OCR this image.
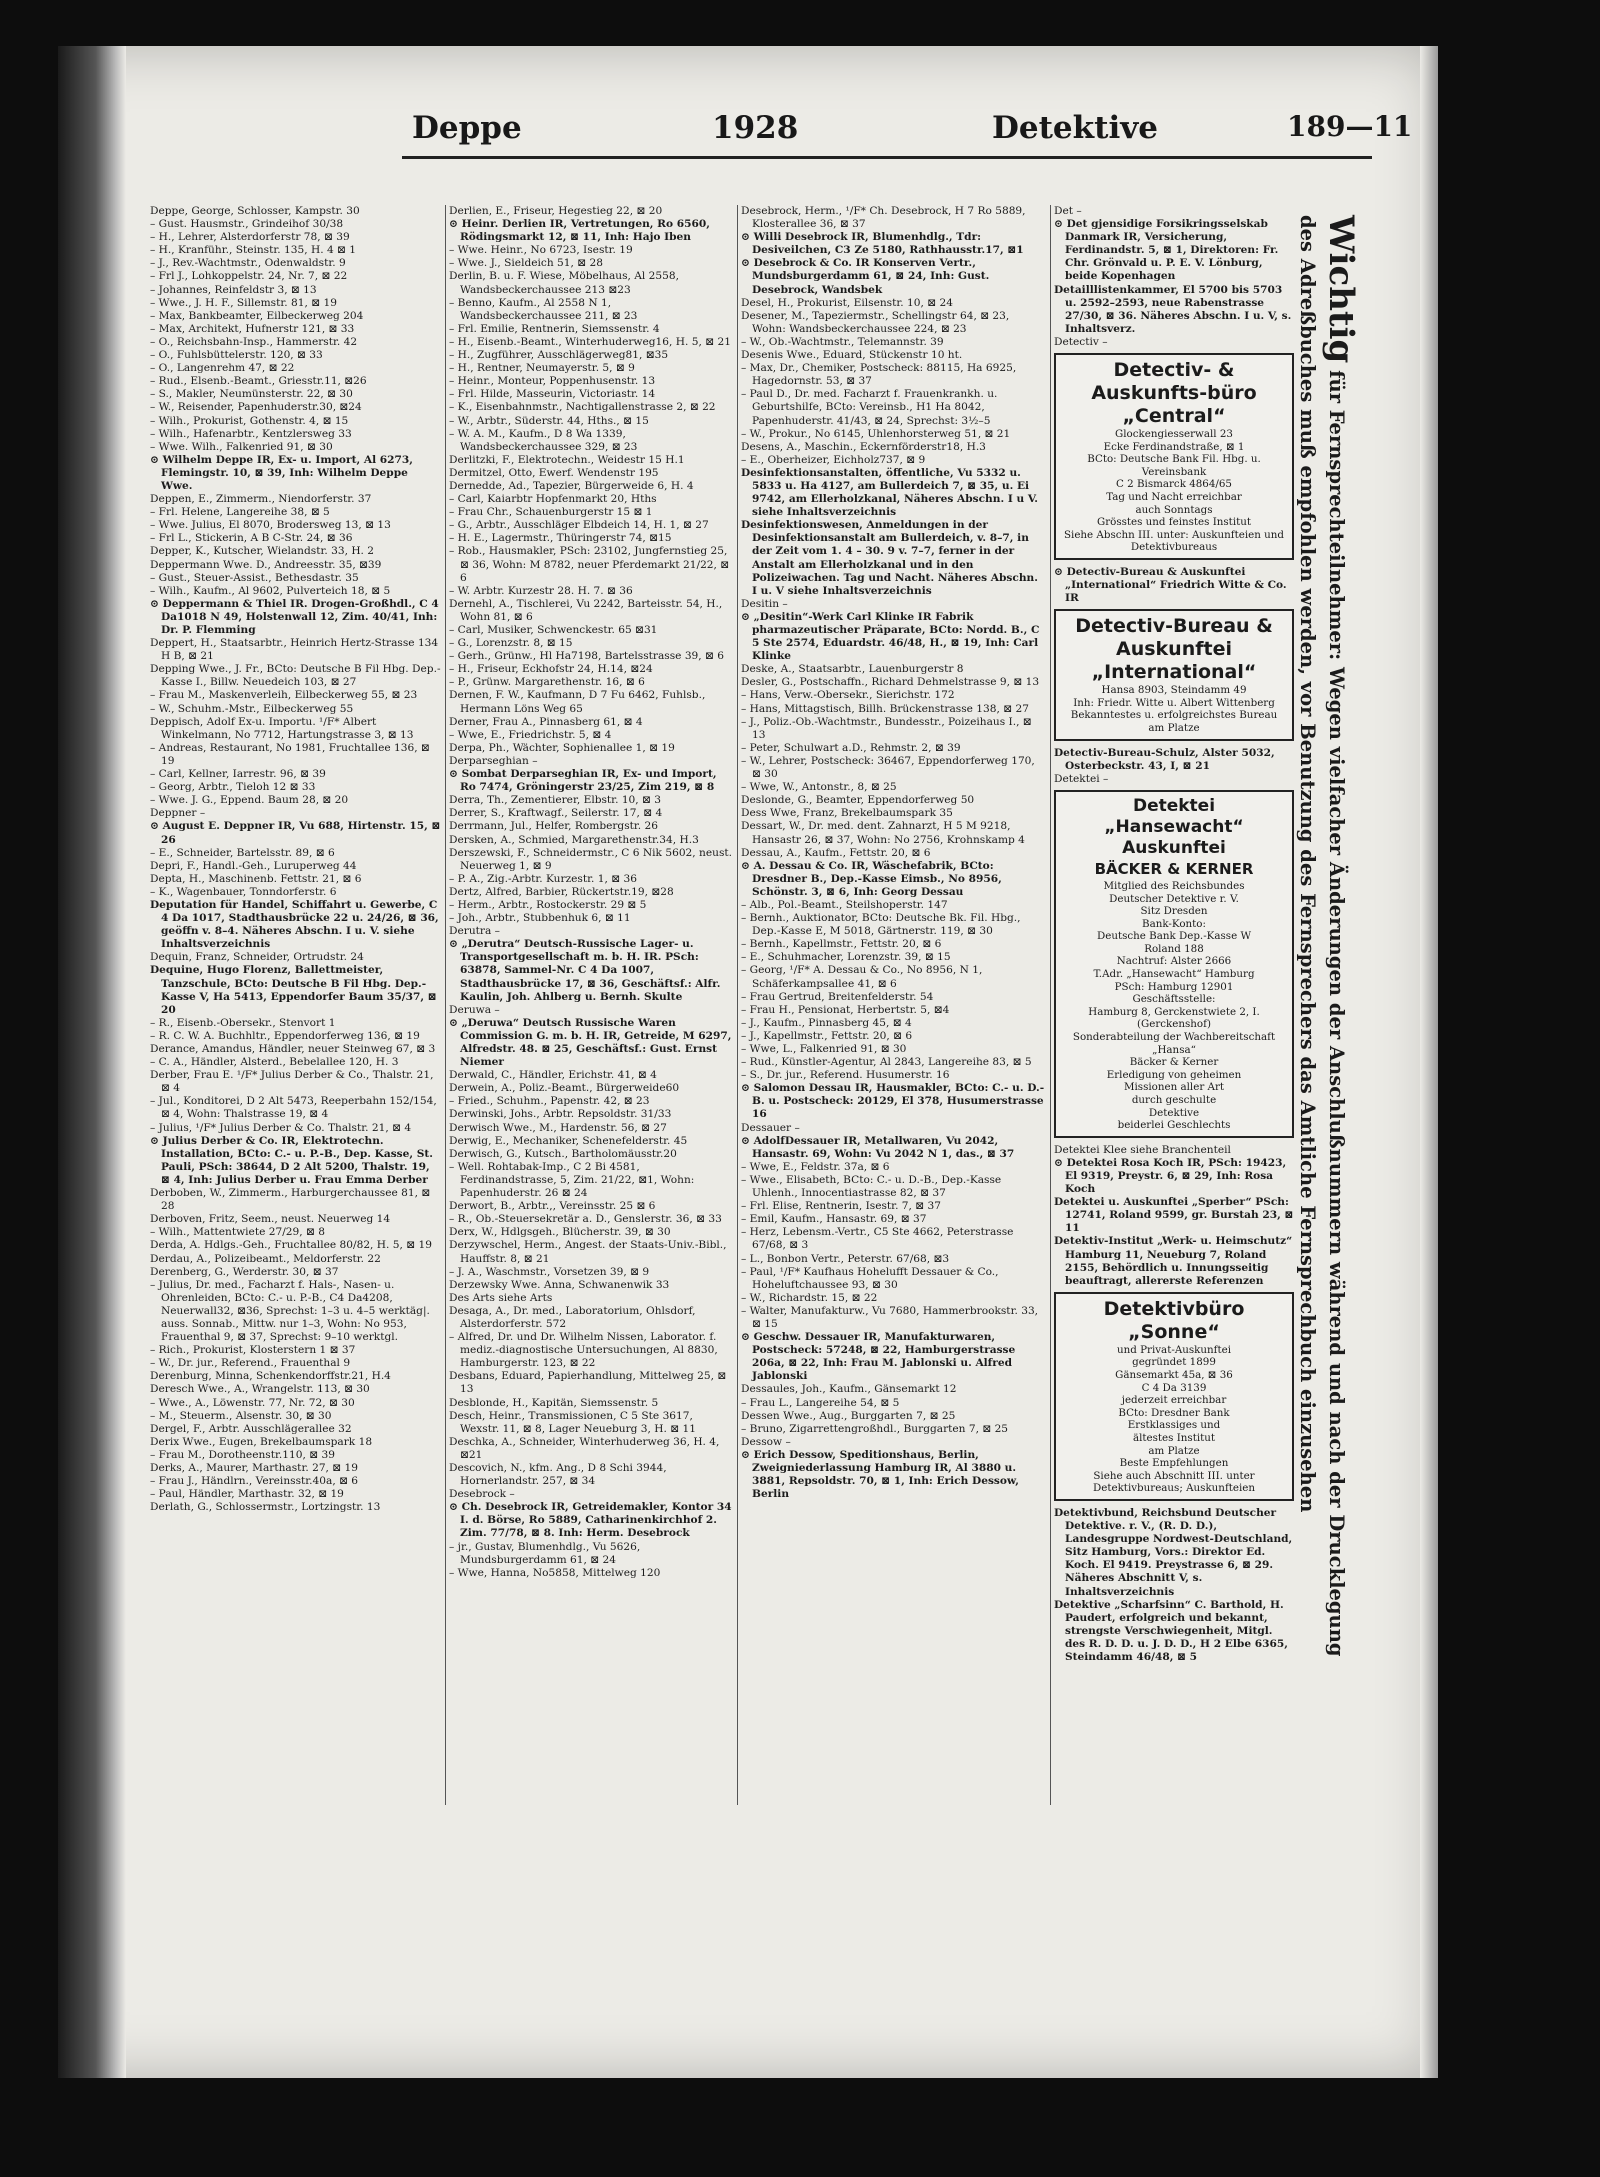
Deppe	1928	Detektive	189—11

Deppe, George, Schlosser, Kampstr. 30

– Gust. Hausmstr., Grindeihof 30/38

– H., Lehrer, Alsterdorferstr 78, ⊠ 39

– H., Kranführ., Steinstr. 135, H. 4 ⊠ 1

– J., Rev.-Wachtmstr., Odenwaldstr. 9

– Frl J., Lohkoppelstr. 24, Nr. 7, ⊠ 22

– Johannes, Reinfeldstr 3, ⊠ 13

– Wwe., J. H. F., Sillemstr. 81, ⊠ 19

– Max, Bankbeamter, Eilbeckerweg 204

– Max, Architekt, Hufnerstr 121, ⊠ 33

– O., Reichsbahn-Insp., Hammerstr. 42

– O., Fuhlsbüttelerstr. 120, ⊠ 33

– O., Langenrehm 47, ⊠ 22

– Rud., Elsenb.-Beamt., Griesstr.11, ⊠26

– S., Makler, Neumünsterstr. 22, ⊠ 30

– W., Reisender, Papenhuderstr.30, ⊠24

– Wilh., Prokurist, Gothenstr. 4, ⊠ 15

– Wilh., Hafenarbtr., Kentzlersweg 33

– Wwe. Wilh., Falkenried 91, ⊠ 30

⊙ Wilhelm Deppe IR, Ex- u. Import, Al 6273, Flemingstr. 10, ⊠ 39, Inh: Wilhelm Deppe Wwe.

Deppen, E., Zimmerm., Niendorferstr. 37

– Frl. Helene, Langereihe 38, ⊠ 5

– Wwe. Julius, El 8070, Brodersweg 13, ⊠ 13

– Frl L., Stickerin, A B C-Str. 24, ⊠ 36

Depper, K., Kutscher, Wielandstr. 33, H. 2

Deppermann Wwe. D., Andreesstr. 35, ⊠39

– Gust., Steuer-Assist., Bethesdastr. 35

– Wilh., Kaufm., Al 9602, Pulverteich 18, ⊠ 5

⊙ Deppermann & Thiel IR. Drogen-Großhdl., C 4 Da1018 N 49, Holstenwall 12, Zim. 40/41, Inh: Dr. P. Flemming

Deppert, H., Staatsarbtr., Heinrich Hertz-Strasse 134 H B, ⊠ 21

Depping Wwe., J. Fr., BCto: Deutsche B Fil Hbg. Dep.-Kasse I., Billw. Neuedeich 103, ⊠ 27

– Frau M., Maskenverleih, Eilbeckerweg 55, ⊠ 23

– W., Schuhm.-Mstr., Eilbeckerweg 55

Deppisch, Adolf Ex-u. Importu. ¹/F* Albert Winkelmann, No 7712, Hartungstrasse 3, ⊠ 13

– Andreas, Restaurant, No 1981, Fruchtallee 136, ⊠ 19

– Carl, Kellner, Iarrestr. 96, ⊠ 39

– Georg, Arbtr., Tieloh 12 ⊠ 33

– Wwe. J. G., Eppend. Baum 28, ⊠ 20

Deppner –

⊙ August E. Deppner IR, Vu 688, Hirtenstr. 15, ⊠ 26

– E., Schneider, Bartelsstr. 89, ⊠ 6

Depri, F., Handl.-Geh., Luruperweg 44

Depta, H., Maschinenb. Fettstr. 21, ⊠ 6

– K., Wagenbauer, Tonndorferstr. 6

Deputation für Handel, Schiffahrt u. Gewerbe, C 4 Da 1017, Stadthausbrücke 22 u. 24/26, ⊠ 36, geöffn v. 8–4. Näheres Abschn. I u. V. siehe Inhaltsverzeichnis

Dequin, Franz, Schneider, Ortrudstr. 24

Dequine, Hugo Florenz, Ballettmeister, Tanzschule, BCto: Deutsche B Fil Hbg. Dep.-Kasse V, Ha 5413, Eppendorfer Baum 35/37, ⊠ 20

– R., Eisenb.-Obersekr., Stenvort 1

– R. C. W. A. Buchhltr., Eppendorferweg 136, ⊠ 19

Derance, Amandus, Händler, neuer Steinweg 67, ⊠ 3

– C. A., Händler, Alsterd., Bebelallee 120, H. 3

Derber, Frau E. ¹/F* Julius Derber & Co., Thalstr. 21, ⊠ 4

– Jul., Konditorei, D 2 Alt 5473, Reeperbahn 152/154, ⊠ 4, Wohn: Thalstrasse 19, ⊠ 4

– Julius, ¹/F* Julius Derber & Co. Thalstr. 21, ⊠ 4

⊙ Julius Derber & Co. IR, Elektrotechn. Installation, BCto: C.- u. P.-B., Dep. Kasse, St. Pauli, PSch: 38644, D 2 Alt 5200, Thalstr. 19, ⊠ 4, Inh: Julius Derber u. Frau Emma Derber

Derboben, W., Zimmerm., Harburgerchaussee 81, ⊠ 28

Derboven, Fritz, Seem., neust. Neuerweg 14

– Wilh., Mattentwiete 27/29, ⊠ 8

Derda, A. Hdlgs.-Geh., Fruchtallee 80/82, H. 5, ⊠ 19

Derdau, A., Polizeibeamt., Meldorferstr. 22

Derenberg, G., Werderstr. 30, ⊠ 37

– Julius, Dr. med., Facharzt f. Hals-, Nasen- u. Ohrenleiden, BCto: C.- u. P.-B., C4 Da4208, Neuerwall32, ⊠36, Sprechst: 1–3 u. 4–5 werktäg|. auss. Sonnab., Mittw. nur 1–3, Wohn: No 953, Frauenthal 9, ⊠ 37, Sprechst: 9–10 werktgl.

– Rich., Prokurist, Klosterstern 1 ⊠ 37

– W., Dr. jur., Referend., Frauenthal 9

Derenburg, Minna, Schenkendorffstr.21, H.4

Deresch Wwe., A., Wrangelstr. 113, ⊠ 30

– Wwe., A., Löwenstr. 77, Nr. 72, ⊠ 30

– M., Steuerm., Alsenstr. 30, ⊠ 30

Dergel, F., Arbtr. Ausschlägerallee 32

Derix Wwe., Eugen, Brekelbaumspark 18

– Frau M., Dorotheenstr.110, ⊠ 39

Derks, A., Maurer, Marthastr. 27, ⊠ 19

– Frau J., Händlrn., Vereinsstr.40a, ⊠ 6

– Paul, Händler, Marthastr. 32, ⊠ 19

Derlath, G., Schlossermstr., Lortzingstr. 13

Derlien, E., Friseur, Hegestieg 22, ⊠ 20

⊙ Heinr. Derlien IR, Vertretungen, Ro 6560, Rödingsmarkt 12, ⊠ 11, Inh: Hajo Iben

– Wwe. Heinr., No 6723, Isestr. 19

– Wwe. J., Sieldeich 51, ⊠ 28

Derlin, B. u. F. Wiese, Möbelhaus, Al 2558, Wandsbeckerchaussee 213 ⊠23

– Benno, Kaufm., Al 2558 N 1, Wandsbeckerchaussee 211, ⊠ 23

– Frl. Emilie, Rentnerin, Siemssenstr. 4

– H., Eisenb.-Beamt., Winterhuderweg16, H. 5, ⊠ 21

– H., Zugführer, Ausschlägerweg81, ⊠35

– H., Rentner, Neumayerstr. 5, ⊠ 9

– Heinr., Monteur, Poppenhusenstr. 13

– Frl. Hilde, Masseurin, Victoriastr. 14

– K., Eisenbahnmstr., Nachtigallenstrasse 2, ⊠ 22

– W., Arbtr., Süderstr. 44, Hths., ⊠ 15

– W. A. M., Kaufm., D 8 Wa 1339, Wandsbeckerchaussee 329, ⊠ 23

Derlitzki, F., Elektrotechn., Weidestr 15 H.1

Dermitzel, Otto, Ewerf. Wendenstr 195

Dernedde, Ad., Tapezier, Bürgerweide 6, H. 4

– Carl, Kaiarbtr Hopfenmarkt 20, Hths

– Frau Chr., Schauenburgerstr 15 ⊠ 1

– G., Arbtr., Ausschläger Elbdeich 14, H. 1, ⊠ 27

– H. E., Lagermstr., Thüringerstr 74, ⊠15

– Rob., Hausmakler, PSch: 23102, Jungfernstieg 25, ⊠ 36, Wohn: M 8782, neuer Pferdemarkt 21/22, ⊠ 6

– W. Arbtr. Kurzestr 28. H. 7. ⊠ 36

Dernehl, A., Tischlerei, Vu 2242, Barteisstr. 54, H., Wohn 81, ⊠ 6

– Carl, Musiker, Schwenckestr. 65 ⊠31

– G., Lorenzstr. 8, ⊠ 15

– Gerh., Grünw., Hl Ha7198, Bartelsstrasse 39, ⊠ 6

– H., Friseur, Eckhofstr 24, H.14, ⊠24

– P., Grünw. Margarethenstr. 16, ⊠ 6

Dernen, F. W., Kaufmann, D 7 Fu 6462, Fuhlsb., Hermann Löns Weg 65

Derner, Frau A., Pinnasberg 61, ⊠ 4

– Wwe, E., Friedrichstr. 5, ⊠ 4

Derpa, Ph., Wächter, Sophienallee 1, ⊠ 19

Derparseghian –

⊙ Sombat Derparseghian IR, Ex- und Import, Ro 7474, Gröningerstr 23/25, Zim 219, ⊠ 8

Derra, Th., Zementierer, Elbstr. 10, ⊠ 3

Derrer, S., Kraftwagf., Seilerstr. 17, ⊠ 4

Derrmann, Jul., Helfer, Rombergstr. 26

Dersken, A., Schmied, Margarethenstr.34, H.3

Derszewski, F., Schneidermstr., C 6 Nik 5602, neust. Neuerweg 1, ⊠ 9

– P. A., Zig.-Arbtr. Kurzestr. 1, ⊠ 36

Dertz, Alfred, Barbier, Rückertstr.19, ⊠28

– Herm., Arbtr., Rostockerstr. 29 ⊠ 5

– Joh., Arbtr., Stubbenhuk 6, ⊠ 11

Derutra –

⊙ „Derutra“ Deutsch-Russische Lager- u. Transportgesellschaft m. b. H. IR. PSch: 63878, Sammel-Nr. C 4 Da 1007, Stadthausbrücke 17, ⊠ 36, Geschäftsf.: Alfr. Kaulin, Joh. Ahlberg u. Bernh. Skulte

Deruwa –

⊙ „Deruwa“ Deutsch Russische Waren Commission G. m. b. H. IR, Getreide, M 6297, Alfredstr. 48. ⊠ 25, Geschäftsf.: Gust. Ernst Niemer

Derwald, C., Händler, Erichstr. 41, ⊠ 4

Derwein, A., Poliz.-Beamt., Bürgerweide60

– Fried., Schuhm., Papenstr. 42, ⊠ 23

Derwinski, Johs., Arbtr. Repsoldstr. 31/33

Derwisch Wwe., M., Hardenstr. 56, ⊠ 27

Derwig, E., Mechaniker, Schenefelderstr. 45

Derwisch, G., Kutsch., Bartholomäusstr.20

– Well. Rohtabak-Imp., C 2 Bi 4581, Ferdinandstrasse, 5, Zim. 21/22, ⊠1, Wohn: Papenhuderstr. 26 ⊠ 24

Derwort, B., Arbtr.,, Vereinsstr. 25 ⊠ 6

– R., Ob.-Steuersekretär a. D., Genslerstr. 36, ⊠ 33

Derx, W., Hdlgsgeh., Blücherstr. 39, ⊠ 30

Derzywschel, Herm., Angest. der Staats-Univ.-Bibl., Hauffstr. 8, ⊠ 21

– J. A., Waschmstr., Vorsetzen 39, ⊠ 9

Derzewsky Wwe. Anna, Schwanenwik 33

Des Arts siehe Arts

Desaga, A., Dr. med., Laboratorium, Ohlsdorf, Alsterdorferstr. 572

– Alfred, Dr. und Dr. Wilhelm Nissen, Laborator. f. mediz.-diagnostische Untersuchungen, Al 8830, Hamburgerstr. 123, ⊠ 22

Desbans, Eduard, Papierhandlung, Mittelweg 25, ⊠ 13

Desblonde, H., Kapitän, Siemssenstr. 5

Desch, Heinr., Transmissionen, C 5 Ste 3617, Wexstr. 11, ⊠ 8, Lager Neueburg 3, H. ⊠ 11

Deschka, A., Schneider, Winterhuderweg 36, H. 4, ⊠21

Descovich, N., kfm. Ang., D 8 Schi 3944, Hornerlandstr. 257, ⊠ 34

Desebrock –

⊙ Ch. Desebrock IR, Getreidemakler, Kontor 34 I. d. Börse, Ro 5889, Catharinenkirchhof 2. Zim. 77/78, ⊠ 8. Inh: Herm. Desebrock

– jr., Gustav, Blumenhdlg., Vu 5626, Mundsburgerdamm 61, ⊠ 24

– Wwe, Hanna, No5858, Mittelweg 120

Desebrock, Herm., ¹/F* Ch. Desebrock, H 7 Ro 5889, Klosterallee 36, ⊠ 37

⊙ Willi Desebrock IR, Blumenhdlg., Tdr: Desiveilchen, C3 Ze 5180, Rathhausstr.17, ⊠1

⊙ Desebrock & Co. IR Konserven Vertr., Mundsburgerdamm 61, ⊠ 24, Inh: Gust. Desebrock, Wandsbek

Desel, H., Prokurist, Eilsenstr. 10, ⊠ 24

Desener, M., Tapeziermstr., Schellingstr 64, ⊠ 23, Wohn: Wandsbeckerchaussee 224, ⊠ 23

– W., Ob.-Wachtmstr., Telemannstr. 39

Desenis Wwe., Eduard, Stückenstr 10 ht.

– Max, Dr., Chemiker, Postscheck: 88115, Ha 6925, Hagedornstr. 53, ⊠ 37

– Paul D., Dr. med. Facharzt f. Frauenkrankh. u. Geburtshilfe, BCto: Vereinsb., H1 Ha 8042, Papenhuderstr. 41/43, ⊠ 24, Sprechst: 3½–5

– W., Prokur., No 6145, Uhlenhorsterweg 51, ⊠ 21

Desens, A., Maschin., Eckernförderstr18, H.3

– E., Oberheizer, Eichholz737, ⊠ 9

Desinfektionsanstalten, öffentliche, Vu 5332 u. 5833 u. Ha 4127, am Bullerdeich 7, ⊠ 35, u. Ei 9742, am Ellerholzkanal, Näheres Abschn. I u V. siehe Inhaltsverzeichnis

Desinfektionswesen, Anmeldungen in der Desinfektionsanstalt am Bullerdeich, v. 8–7, in der Zeit vom 1. 4 – 30. 9 v. 7–7, ferner in der Anstalt am Ellerholzkanal und in den Polizeiwachen. Tag und Nacht. Näheres Abschn. I u. V siehe Inhaltsverzeichnis

Desitin –

⊙ „Desitin“-Werk Carl Klinke IR Fabrik pharmazeutischer Präparate, BCto: Nordd. B., C 5 Ste 2574, Eduardstr. 46/48, H., ⊠ 19, Inh: Carl Klinke

Deske, A., Staatsarbtr., Lauenburgerstr 8

Desler, G., Postschaffn., Richard Dehmelstrasse 9, ⊠ 13

– Hans, Verw.-Obersekr., Sierichstr. 172

– Hans, Mittagstisch, Billh. Brückenstrasse 138, ⊠ 27

– J., Poliz.-Ob.-Wachtmstr., Bundesstr., Poizeihaus I., ⊠ 13

– Peter, Schulwart a.D., Rehmstr. 2, ⊠ 39

– W., Lehrer, Postscheck: 36467, Eppendorferweg 170, ⊠ 30

– Wwe, W., Antonstr., 8, ⊠ 25

Deslonde, G., Beamter, Eppendorferweg 50

Dess Wwe, Franz, Brekelbaumspark 35

Dessart, W., Dr. med. dent. Zahnarzt, H 5 M 9218, Hansastr 26, ⊠ 37, Wohn: No 2756, Krohnskamp 4

Dessau, A., Kaufm., Fettstr. 20, ⊠ 6

⊙ A. Dessau & Co. IR, Wäschefabrik, BCto: Dresdner B., Dep.-Kasse Eimsb., No 8956, Schönstr. 3, ⊠ 6, Inh: Georg Dessau

– Alb., Pol.-Beamt., Steilshoperstr. 147

– Bernh., Auktionator, BCto: Deutsche Bk. Fil. Hbg., Dep.-Kasse E, M 5018, Gärtnerstr. 119, ⊠ 30

– Bernh., Kapellmstr., Fettstr. 20, ⊠ 6

– E., Schuhmacher, Lorenzstr. 39, ⊠ 15

– Georg, ¹/F* A. Dessau & Co., No 8956, N 1, Schäferkampsallee 41, ⊠ 6

– Frau Gertrud, Breitenfelderstr. 54

– Frau H., Pensionat, Herbertstr. 5, ⊠4

– J., Kaufm., Pinnasberg 45, ⊠ 4

– J., Kapellmstr., Fettstr. 20, ⊠ 6

– Wwe, L., Falkenried 91, ⊠ 30

– Rud., Künstler-Agentur, Al 2843, Langereihe 83, ⊠ 5

– S., Dr. jur., Referend. Husumerstr. 16

⊙ Salomon Dessau IR, Hausmakler, BCto: C.- u. D.-B. u. Postscheck: 20129, El 378, Husumerstrasse 16

Dessauer –

⊙ AdolfDessauer IR, Metallwaren, Vu 2042, Hansastr. 69, Wohn: Vu 2042 N 1, das., ⊠ 37

– Wwe, E., Feldstr. 37a, ⊠ 6

– Wwe., Elisabeth, BCto: C.- u. D.-B., Dep.-Kasse Uhlenh., Innocentiastrasse 82, ⊠ 37

– Frl. Elise, Rentnerin, Isestr. 7, ⊠ 37

– Emil, Kaufm., Hansastr. 69, ⊠ 37

– Herz, Lebensm.-Vertr., C5 Ste 4662, Peterstrasse 67/68, ⊠ 3

– L., Bonbon Vertr., Peterstr. 67/68, ⊠3

– Paul, ¹/F* Kaufhaus Hohelufft Dessauer & Co., Hoheluftchaussee 93, ⊠ 30

– W., Richardstr. 15, ⊠ 22

– Walter, Manufakturw., Vu 7680, Hammerbrookstr. 33, ⊠ 15

⊙ Geschw. Dessauer IR, Manufakturwaren, Postscheck: 57248, ⊠ 22, Hamburgerstrasse 206a, ⊠ 22, Inh: Frau M. Jablonski u. Alfred Jablonski

Dessaules, Joh., Kaufm., Gänsemarkt 12

– Frau L., Langereihe 54, ⊠ 5

Dessen Wwe., Aug., Burggarten 7, ⊠ 25

– Bruno, Zigarrettengroßhdl., Burggarten 7, ⊠ 25

Dessow –

⊙ Erich Dessow, Speditionshaus, Berlin, Zweigniederlassung Hamburg IR, Al 3880 u. 3881, Repsoldstr. 70, ⊠ 1, Inh: Erich Dessow, Berlin

Det –

⊙ Det gjensidige Forsikringsselskab Danmark IR, Versicherung, Ferdinandstr. 5, ⊠ 1, Direktoren: Fr. Chr. Grönvald u. P. E. V. Lönburg, beide Kopenhagen

Detailllistenkammer, El 5700 bis 5703 u. 2592–2593, neue Rabenstrasse 27/30, ⊠ 36. Näheres Abschn. I u. V, s. Inhaltsverz.

Detectiv –

Detectiv- & Auskunfts-büro „Central“
Glockengiesserwall 23
Ecke Ferdinandstraße, ⊠ 1
BCto: Deutsche Bank Fil. Hbg. u. Vereinsbank
C 2 Bismarck 4864/65
Tag und Nacht erreichbar
auch Sonntags
Grösstes und feinstes Institut
Siehe Abschn III. unter: Auskunfteien und Detektivbureaus

⊙ Detectiv-Bureau & Auskunftei „International“ Friedrich Witte & Co. IR

Detectiv-Bureau & Auskunftei „International“
Hansa 8903, Steindamm 49
Inh: Friedr. Witte u. Albert Wittenberg
Bekanntestes u. erfolgreichstes Bureau am Platze

Detectiv-Bureau-Schulz, Alster 5032, Osterbeckstr. 43, I, ⊠ 21

Detektei –

Detektei „Hansewacht“ Auskunftei
BÄCKER & KERNER
Mitglied des Reichsbundes
Deutscher Detektive r. V.
Sitz Dresden
Bank-Konto:
Deutsche Bank Dep.-Kasse W
Roland 188
Nachtruf: Alster 2666
T.Adr. „Hansewacht“ Hamburg
PSch: Hamburg 12901
Geschäftsstelle:
Hamburg 8, Gerckenstwiete 2, I.
(Gerckenshof)
Sonderabteilung der Wachbereitschaft „Hansa“
Bäcker & Kerner
Erledigung von geheimen
Missionen aller Art
durch geschulte
Detektive
beiderlei Geschlechts

Detektei Klee siehe Branchenteil

⊙ Detektei Rosa Koch IR, PSch: 19423, El 9319, Preystr. 6, ⊠ 29, Inh: Rosa Koch

Detektei u. Auskunftei „Sperber“ PSch: 12741, Roland 9599, gr. Burstah 23, ⊠ 11

Detektiv-Institut „Werk- u. Heimschutz“ Hamburg 11, Neueburg 7, Roland 2155, Behördlich u. Innungsseitig beauftragt, allererste Referenzen

Detektivbüro „Sonne“
und Privat-Auskunftei
gegründet 1899
Gänsemarkt 45a, ⊠ 36
C 4 Da 3139
jederzeit erreichbar
BCto: Dresdner Bank
Erstklassiges und
ältestes Institut
am Platze
Beste Empfehlungen
Siehe auch Abschnitt III. unter Detektivbureaus; Auskunfteien

Detektivbund, Reichsbund Deutscher Detektive. r. V., (R. D. D.), Landesgruppe Nordwest-Deutschland, Sitz Hamburg, Vors.: Direktor Ed. Koch. El 9419. Preystrasse 6, ⊠ 29. Näheres Abschnitt V, s. Inhaltsverzeichnis

Detektive „Scharfsinn“ C. Barthold, H. Paudert, erfolgreich und bekannt, strengste Verschwiegenheit, Mitgl. des R. D. D. u. J. D. D., H 2 Elbe 6365, Steindamm 46/48, ⊠ 5

Wichtig für Fernsprechteilnehmer: Wegen vielfacher Änderungen der Anschlußnummern während und nach der Drucklegung
des Adreßbuches muß empfohlen werden, vor Benutzung des Fernsprechers das Amtliche Fernsprechbuch einzusehen
